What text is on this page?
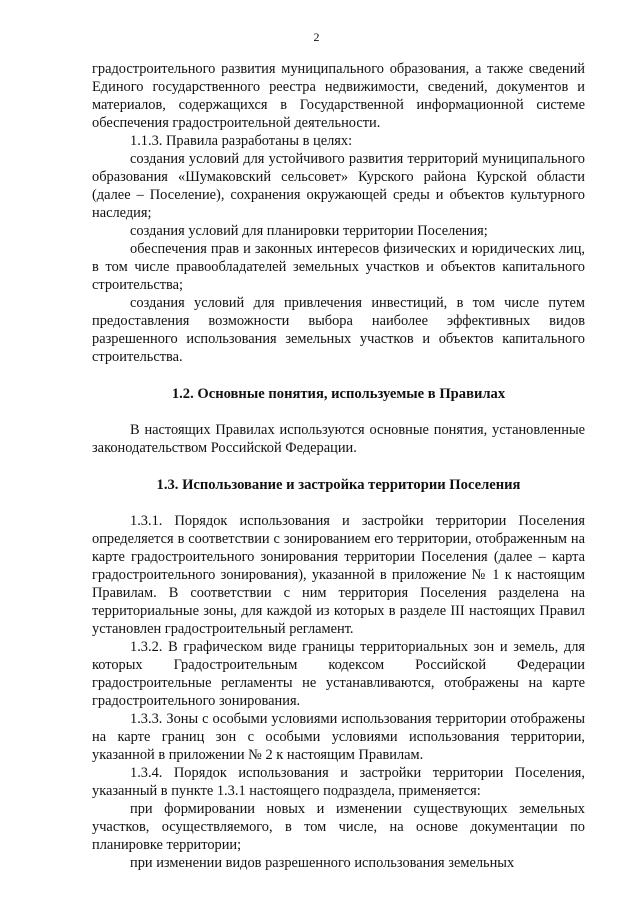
2

градостроительного развития муниципального образования, а также сведений Единого государственного реестра недвижимости, сведений, документов и материалов, содержащихся в Государственной информационной системе обеспечения градостроительной деятельности.

1.1.3. Правила разработаны в целях:

создания условий для устойчивого развития территорий муниципального образования «Шумаковский сельсовет» Курского района Курской области (далее – Поселение), сохранения окружающей среды и объектов культурного наследия;

создания условий для планировки территории Поселения;

обеспечения прав и законных интересов физических и юридических лиц, в том числе правообладателей земельных участков и объектов капитального строительства;

создания условий для привлечения инвестиций, в том числе путем предоставления возможности выбора наиболее эффективных видов разрешенного использования земельных участков и объектов капитального строительства.

1.2. Основные понятия, используемые в Правилах

В настоящих Правилах используются основные понятия, установленные законодательством Российской Федерации.

1.3. Использование и застройка территории Поселения

1.3.1. Порядок использования и застройки территории Поселения определяется в соответствии с зонированием его территории, отображенным на карте градостроительного зонирования территории Поселения (далее – карта градостроительного зонирования), указанной в приложение № 1 к настоящим Правилам. В соответствии с ним территория Поселения разделена на территориальные зоны, для каждой из которых в разделе III настоящих Правил установлен градостроительный регламент.

1.3.2. В графическом виде границы территориальных зон и земель, для которых Градостроительным кодексом Российской Федерации градостроительные регламенты не устанавливаются, отображены на карте градостроительного зонирования.

1.3.3. Зоны с особыми условиями использования территории отображены на карте границ зон с особыми условиями использования территории, указанной в приложении № 2 к настоящим Правилам.

1.3.4. Порядок использования и застройки территории Поселения, указанный в пункте 1.3.1 настоящего подраздела, применяется:

при формировании новых и изменении существующих земельных участков, осуществляемого, в том числе, на основе документации по планировке территории;

при изменении видов разрешенного использования земельных
